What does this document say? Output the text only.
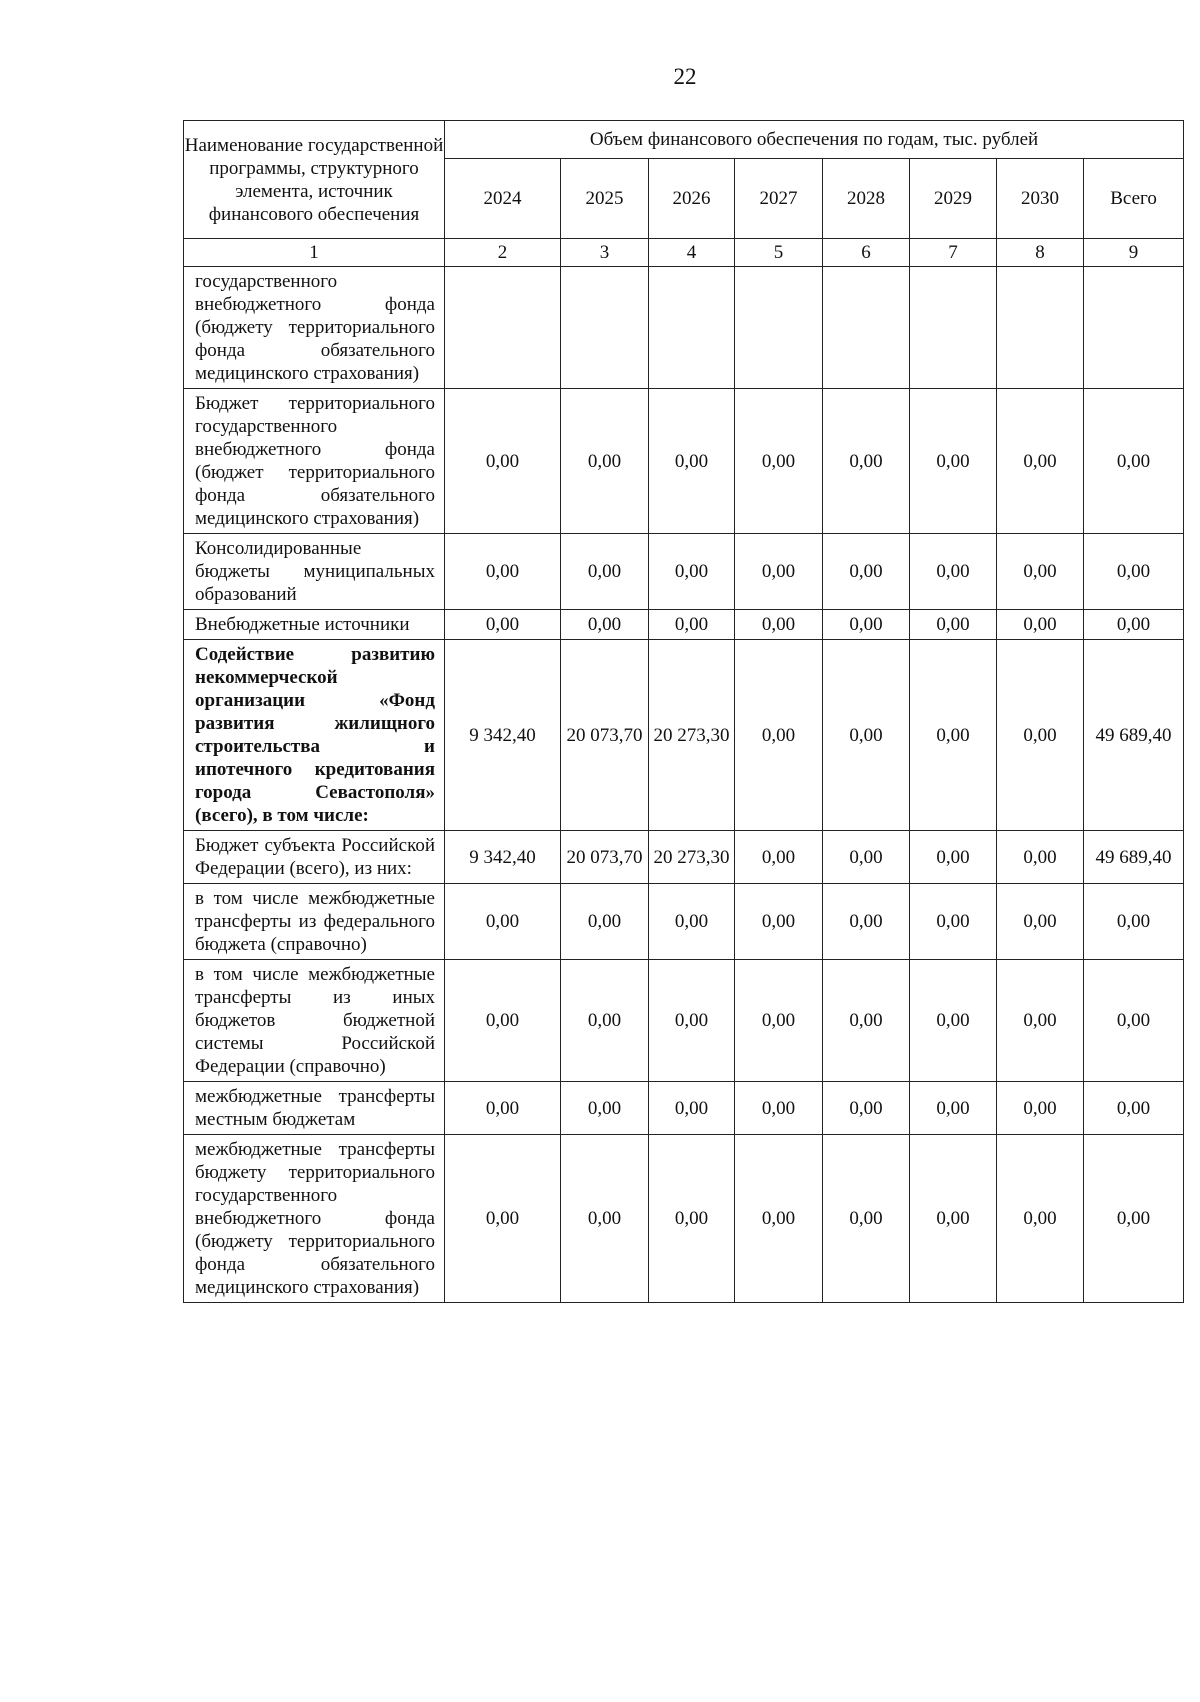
22
Наименование государственной программы, структурного элемента, источник финансового обеспечения	Объем финансового обеспечения по годам, тыс. рублей							
	2024	2025	2026	2027	2028	2029	2030	Всего
1	2	3	4	5	6	7	8	9
государственного внебюджетного фонда (бюджету территориального фонда обязательного медицинского страхования)								
Бюджет территориального государственного внебюджетного фонда (бюджет территориального фонда обязательного медицинского страхования)	0,00	0,00	0,00	0,00	0,00	0,00	0,00	0,00
Консолидированные бюджеты муниципальных образований	0,00	0,00	0,00	0,00	0,00	0,00	0,00	0,00
Внебюджетные источники	0,00	0,00	0,00	0,00	0,00	0,00	0,00	0,00
Содействие развитию некоммерческой организации «Фонд развития жилищного строительства и ипотечного кредитования города Севастополя» (всего), в том числе:	9 342,40	20 073,70	20 273,30	0,00	0,00	0,00	0,00	49 689,40
Бюджет субъекта Российской Федерации (всего), из них:	9 342,40	20 073,70	20 273,30	0,00	0,00	0,00	0,00	49 689,40
в том числе межбюджетные трансферты из федерального бюджета (справочно)	0,00	0,00	0,00	0,00	0,00	0,00	0,00	0,00
в том числе межбюджетные трансферты из иных бюджетов бюджетной системы Российской Федерации (справочно)	0,00	0,00	0,00	0,00	0,00	0,00	0,00	0,00
межбюджетные трансферты местным бюджетам	0,00	0,00	0,00	0,00	0,00	0,00	0,00	0,00
межбюджетные трансферты бюджету территориального государственного внебюджетного фонда (бюджету территориального фонда обязательного медицинского страхования)	0,00	0,00	0,00	0,00	0,00	0,00	0,00	0,00
